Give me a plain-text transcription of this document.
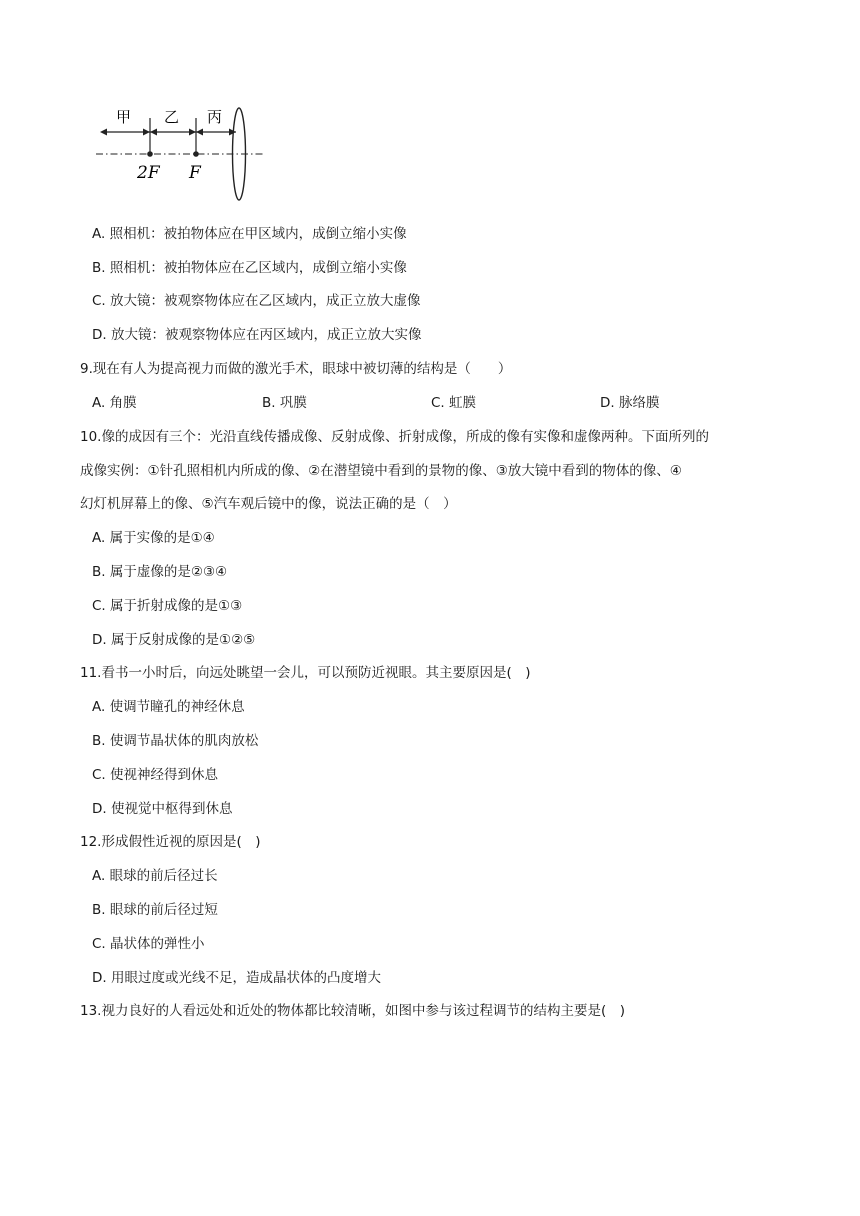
甲 乙 丙
2F F
A. 照相机：被拍物体应在甲区域内，成倒立缩小实像
B. 照相机：被拍物体应在乙区域内，成倒立缩小实像
C. 放大镜：被观察物体应在乙区域内，成正立放大虚像
D. 放大镜：被观察物体应在丙区域内，成正立放大实像
9.现在有人为提高视力而做的激光手术，眼球中被切薄的结构是（　　）
A. 角膜	B. 巩膜	C. 虹膜	D. 脉络膜
10.像的成因有三个：光沿直线传播成像、反射成像、折射成像，所成的像有实像和虚像两种。下面所列的
成像实例：①针孔照相机内所成的像、②在潜望镜中看到的景物的像、③放大镜中看到的物体的像、④
幻灯机屏幕上的像、⑤汽车观后镜中的像，说法正确的是（　）
A. 属于实像的是①④
B. 属于虚像的是②③④
C. 属于折射成像的是①③
D. 属于反射成像的是①②⑤
11.看书一小时后，向远处眺望一会儿，可以预防近视眼。其主要原因是(　)
A. 使调节瞳孔的神经休息
B. 使调节晶状体的肌肉放松
C. 使视神经得到休息
D. 使视觉中枢得到休息
12.形成假性近视的原因是(　)
A. 眼球的前后径过长
B. 眼球的前后径过短
C. 晶状体的弹性小
D. 用眼过度或光线不足，造成晶状体的凸度增大
13.视力良好的人看远处和近处的物体都比较清晰，如图中参与该过程调节的结构主要是(　)
